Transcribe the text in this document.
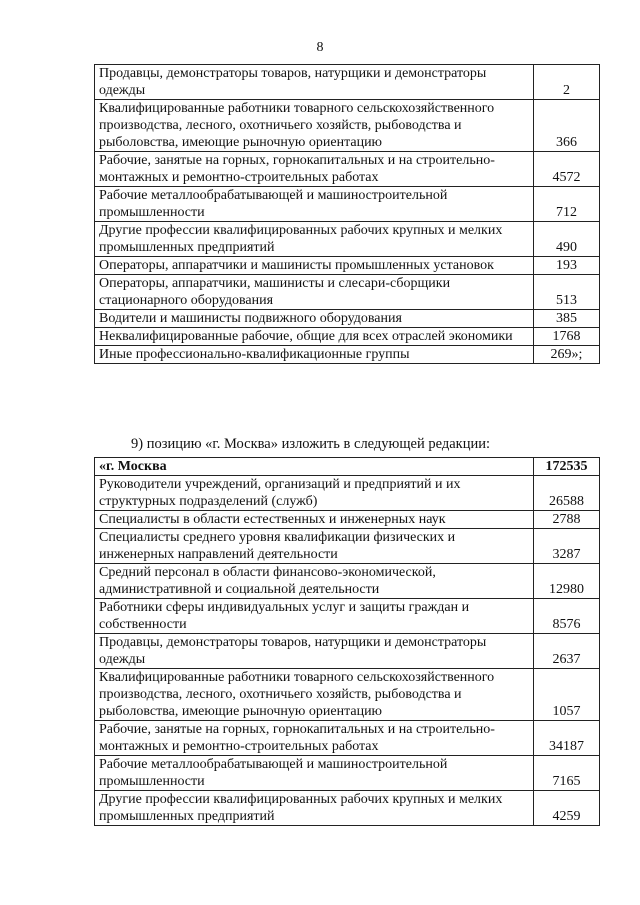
8
Продавцы, демонстраторы товаров, натурщики и демонстраторы одежды	2
Квалифицированные работники товарного сельскохозяйственного производства, лесного, охотничьего хозяйств, рыбоводства и рыболовства, имеющие рыночную ориентацию	366
Рабочие, занятые на горных, горнокапитальных и на строительно-монтажных и ремонтно-строительных работах	4572
Рабочие металлообрабатывающей и машиностроительной промышленности	712
Другие профессии квалифицированных рабочих крупных и мелких промышленных предприятий	490
Операторы, аппаратчики и машинисты промышленных установок	193
Операторы, аппаратчики, машинисты и слесари-сборщики стационарного оборудования	513
Водители и машинисты подвижного оборудования	385
Неквалифицированные рабочие, общие для всех отраслей экономики	1768
Иные профессионально-квалификационные группы	269»;
9) позицию «г. Москва» изложить в следующей редакции:
«г. Москва	172535
Руководители учреждений, организаций и предприятий и их структурных подразделений (служб)	26588
Специалисты в области естественных и инженерных наук	2788
Специалисты среднего уровня квалификации физических и инженерных направлений деятельности	3287
Средний персонал в области финансово-экономической, административной и социальной деятельности	12980
Работники сферы индивидуальных услуг и защиты граждан и собственности	8576
Продавцы, демонстраторы товаров, натурщики и демонстраторы одежды	2637
Квалифицированные работники товарного сельскохозяйственного производства, лесного, охотничьего хозяйств, рыбоводства и рыболовства, имеющие рыночную ориентацию	1057
Рабочие, занятые на горных, горнокапитальных и на строительно-монтажных и ремонтно-строительных работах	34187
Рабочие металлообрабатывающей и машиностроительной промышленности	7165
Другие профессии квалифицированных рабочих крупных и мелких промышленных предприятий	4259
